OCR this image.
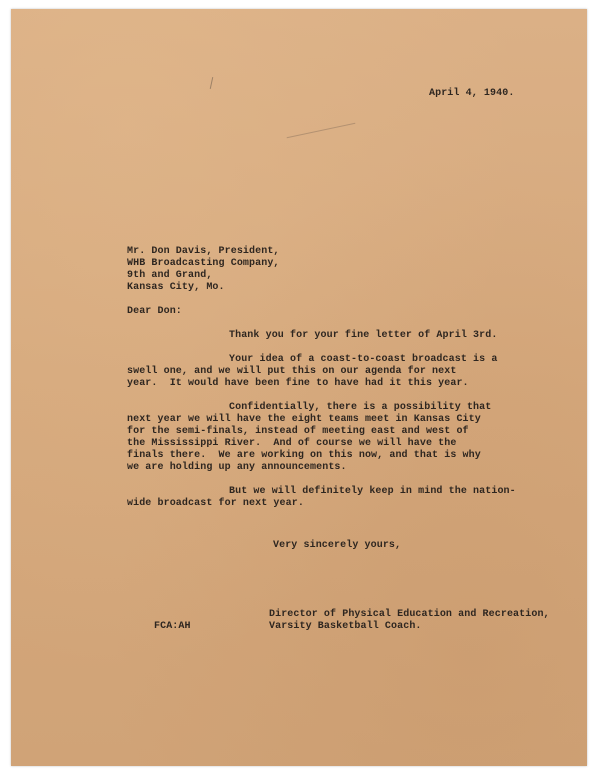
April 4, 1940.
Mr. Don Davis, President,
WHB Broadcasting Company,
9th and Grand,
Kansas City, Mo.
Dear Don:
Thank you for your fine letter of April 3rd.
Your idea of a coast-to-coast broadcast is a
swell one, and we will put this on our agenda for next
year.  It would have been fine to have had it this year.
Confidentially, there is a possibility that
next year we will have the eight teams meet in Kansas City
for the semi-finals, instead of meeting east and west of
the Mississippi River.  And of course we will have the
finals there.  We are working on this now, and that is why
we are holding up any announcements.
But we will definitely keep in mind the nation-
wide broadcast for next year.
Very sincerely yours,
Director of Physical Education and Recreation,
Varsity Basketball Coach.
FCA:AH
